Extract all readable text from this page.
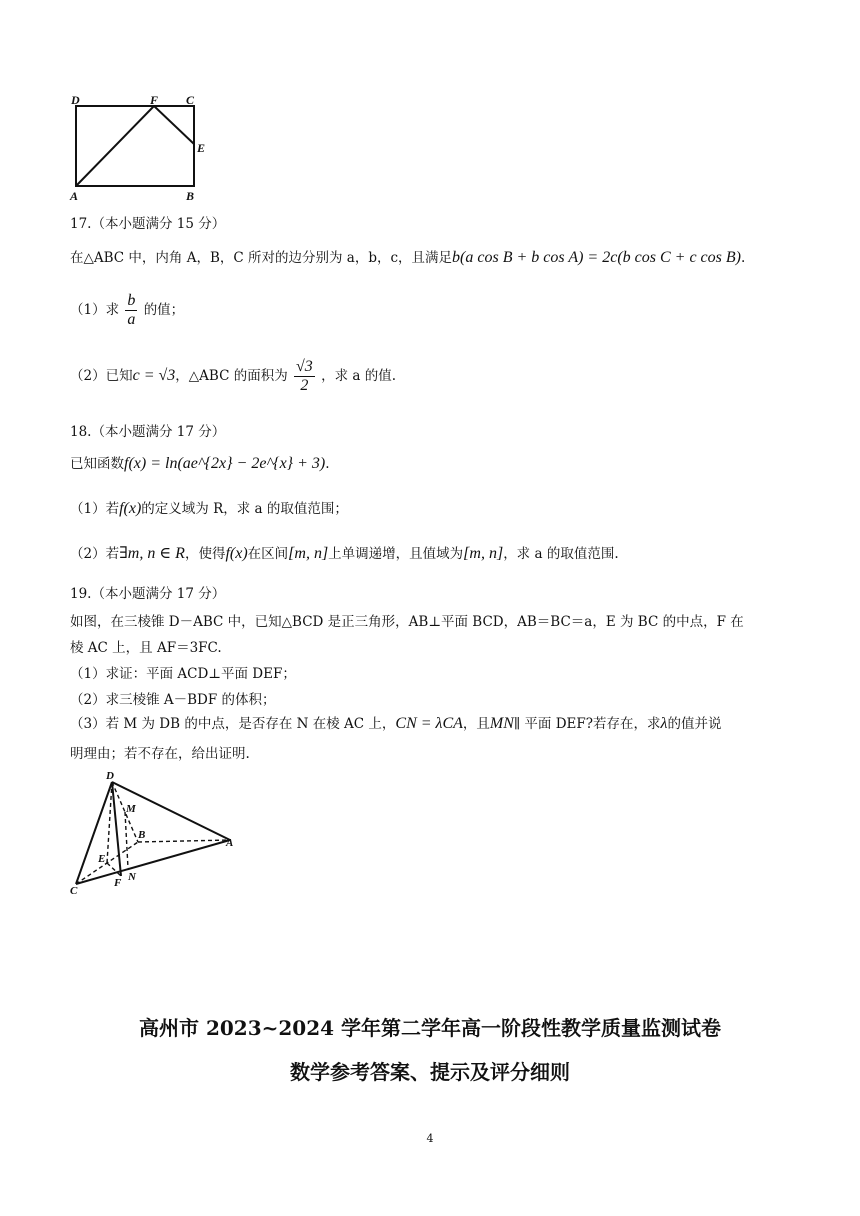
D	F C
E
A	B
17.（本小题满分 15 分）
在△ABC 中，内角 A，B，C 所对的边分别为 a，b，c，且满足b(a cos B + b cos A) = 2c(b cos C + c cos B).
（1）求 $\frac{b}{a}$ 的值；
（2）已知c = √3，△ABC 的面积为 $\frac{√3}{2}$ ，求 a 的值.
18.（本小题满分 17 分）
已知函数f(x) = ln(ae^{2x} − 2e^{x} + 3).
（1）若f(x)的定义域为 R，求 a 的取值范围；
（2）若∃m, n ∈ R，使得f(x)在区间[m, n]上单调递增，且值域为[m, n]，求 a 的取值范围.
19.（本小题满分 17 分）
如图，在三棱锥 D－ABC 中，已知△BCD 是正三角形，AB⊥平面 BCD，AB＝BC＝a，E 为 BC 的中点，F 在
棱 AC 上，且 AF＝3FC.
（1）求证：平面 ACD⊥平面 DEF；
（2）求三棱锥 A－BDF 的体积；
（3）若 M 为 DB 的中点，是否存在 N 在棱 AC 上，CN = λCA，且MN∥ 平面 DEF?若存在，求λ的值并说
明理由；若不存在，给出证明.
D
M
B
A
E
F N
C
高州市 2023~2024 学年第二学年高一阶段性教学质量监测试卷
数学参考答案、提示及评分细则
4
